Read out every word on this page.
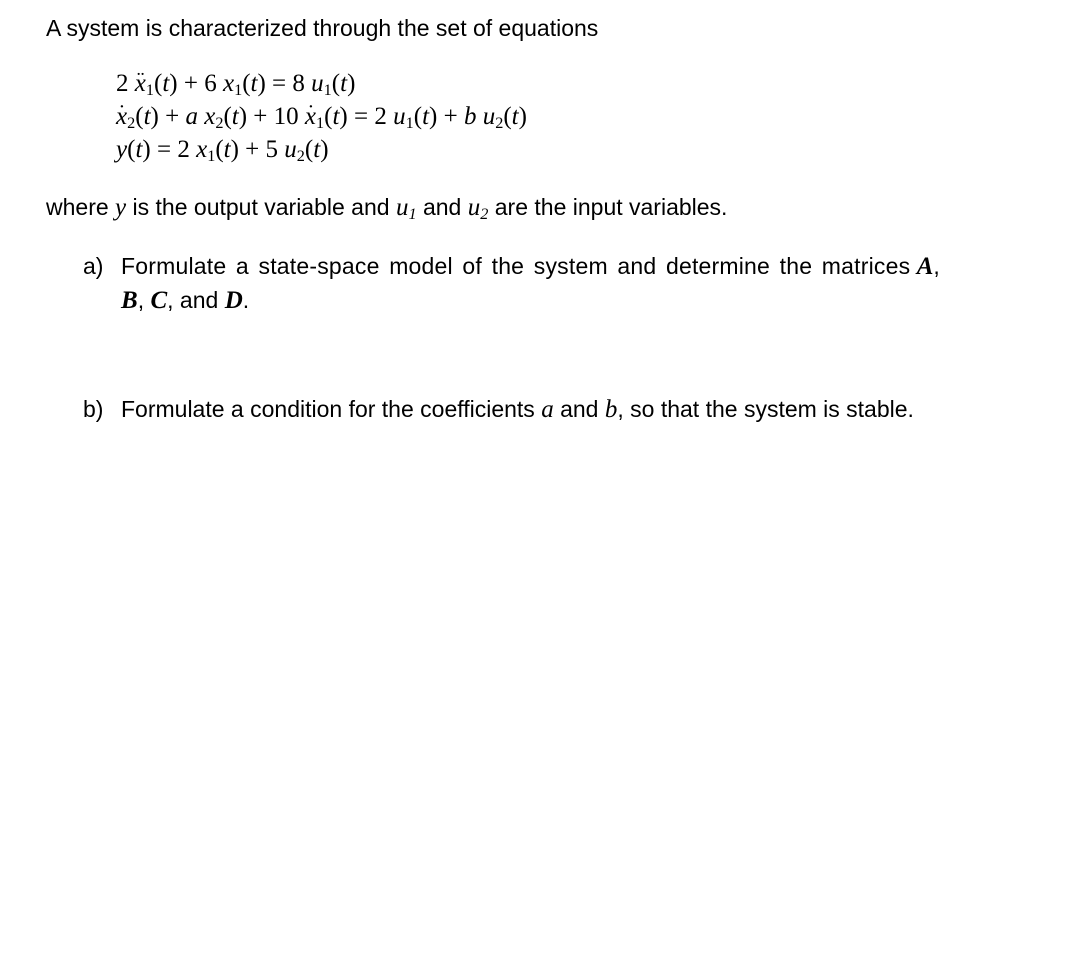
A system is characterized through the set of equations
2 ¨ $x_1(t) + 6$ $x_1(t) = 8$ $u_1(t)$
˙ $x_2(t) + a$ $x_2(t) + 10$ ˙ $x_1(t) = 2$ $u_1(t) + b$ $u_2(t)$
y(t) = 2 $x_1(t) + 5$ $u_2(t)$
where y is the output variable and $u_1$ and $u_2$ are the input variables.
a) Formulate a state-space model of the system and determine the matrices A,
B, C, and D.
b) Formulate a condition for the coefficients a and b, so that the system is stable.
